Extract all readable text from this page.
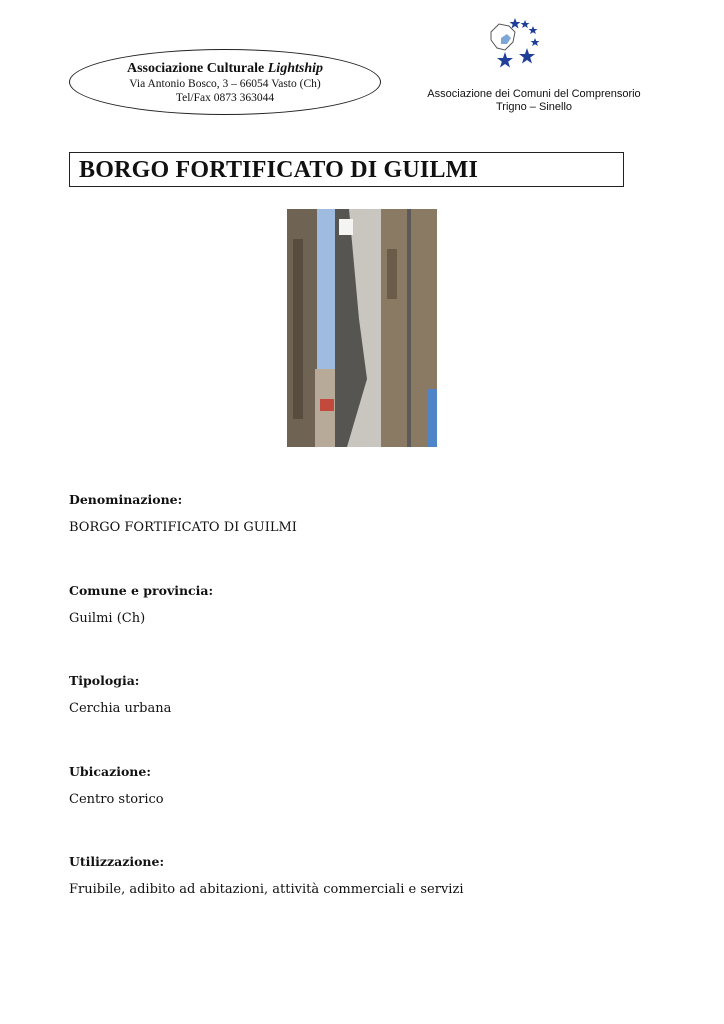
Associazione Culturale Lightship
Via Antonio Bosco, 3 – 66054 Vasto (Ch)
Tel/Fax 0873 363044	Associazione dei Comuni del Comprensorio
Trigno – Sinello
BORGO FORTIFICATO DI GUILMI
Denominazione:
BORGO FORTIFICATO DI GUILMI
Comune e provincia:
Guilmi (Ch)
Tipologia:
Cerchia urbana
Ubicazione:
Centro storico
Utilizzazione:
Fruibile, adibito ad abitazioni, attività commerciali e servizi
